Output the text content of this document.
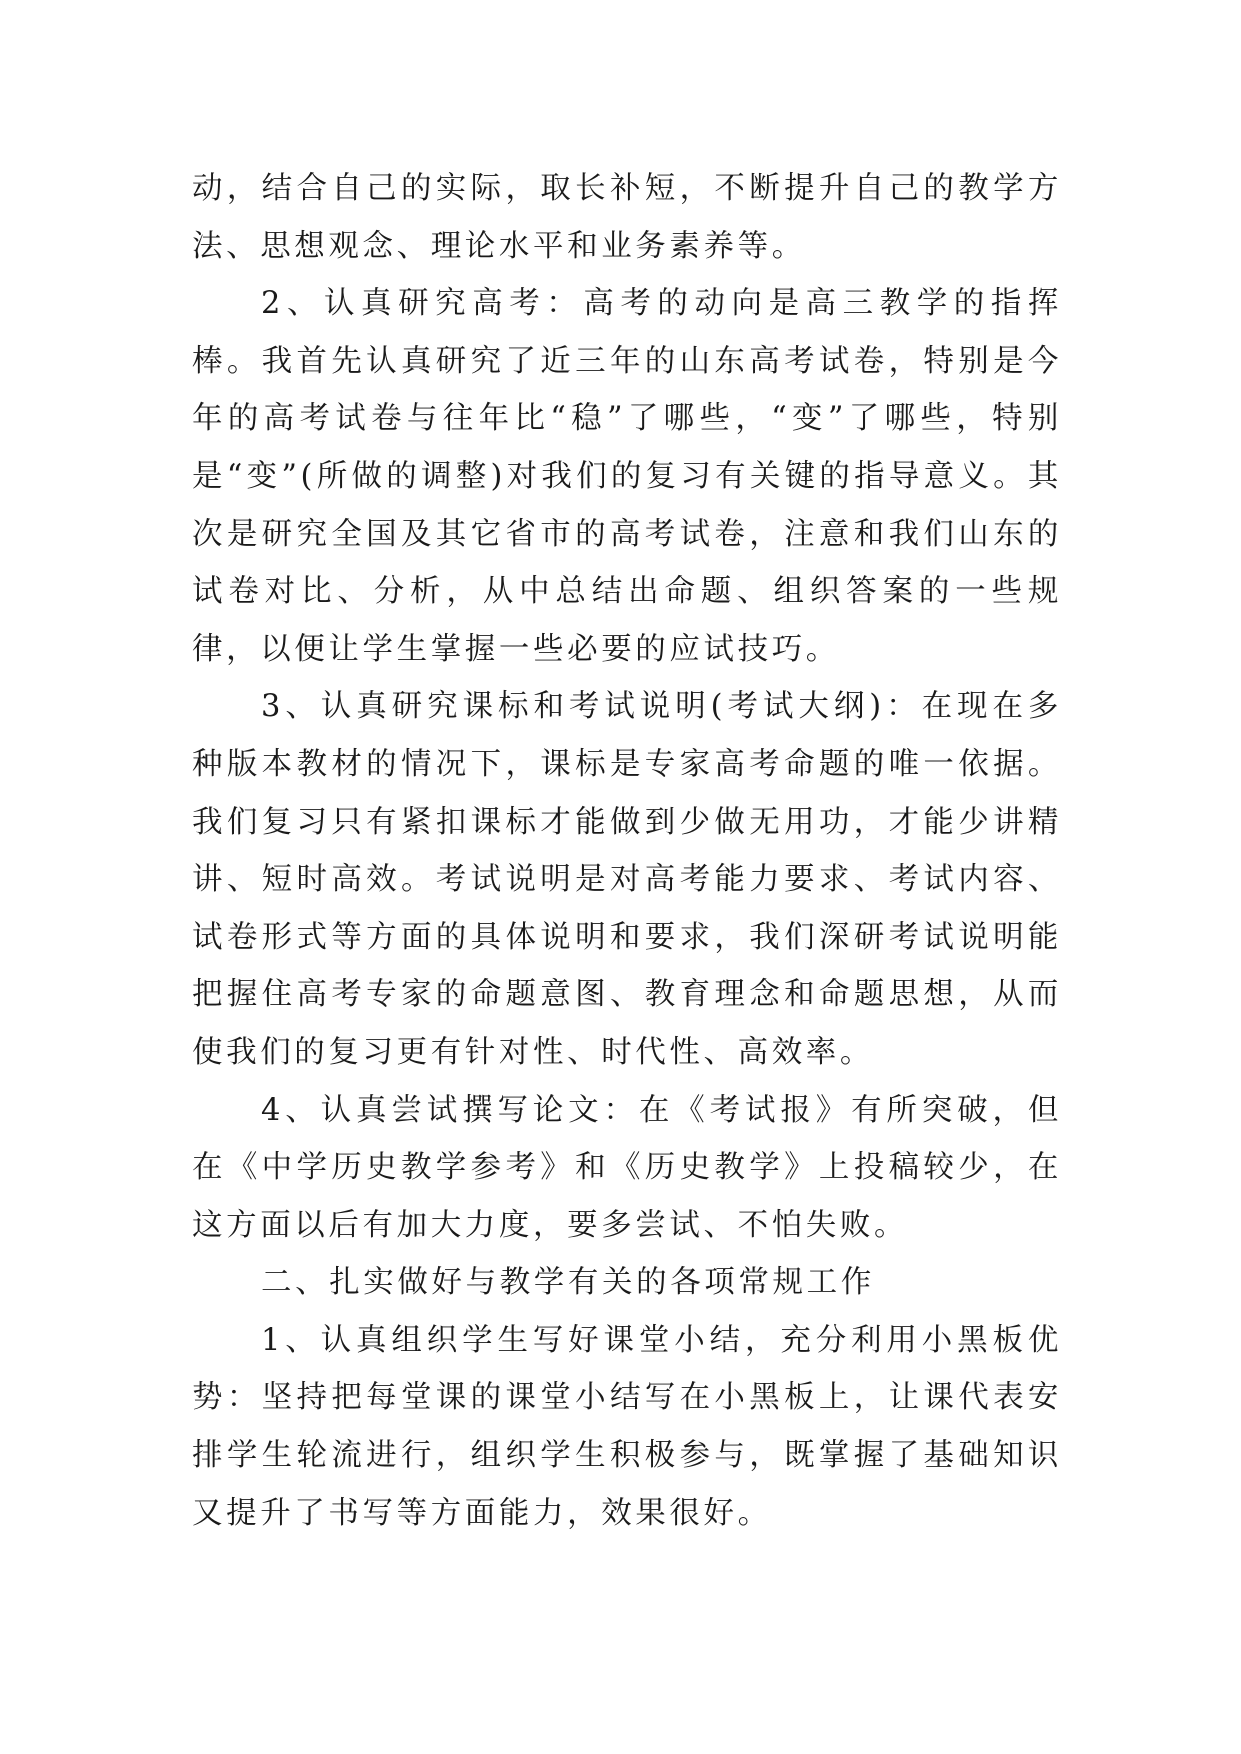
动，结合自己的实际，取长补短，不断提升自己的教学方法、思想观念、理论水平和业务素养等。

2、认真研究高考：高考的动向是高三教学的指挥棒。我首先认真研究了近三年的山东高考试卷，特别是今年的高考试卷与往年比“稳”了哪些，“变”了哪些，特别是“变”(所做的调整)对我们的复习有关键的指导意义。其次是研究全国及其它省市的高考试卷，注意和我们山东的试卷对比、分析，从中总结出命题、组织答案的一些规律，以便让学生掌握一些必要的应试技巧。

3、认真研究课标和考试说明(考试大纲)：在现在多种版本教材的情况下，课标是专家高考命题的唯一依据。我们复习只有紧扣课标才能做到少做无用功，才能少讲精讲、短时高效。考试说明是对高考能力要求、考试内容、试卷形式等方面的具体说明和要求，我们深研考试说明能把握住高考专家的命题意图、教育理念和命题思想，从而使我们的复习更有针对性、时代性、高效率。

4、认真尝试撰写论文：在《考试报》有所突破，但在《中学历史教学参考》和《历史教学》上投稿较少，在这方面以后有加大力度，要多尝试、不怕失败。

二、扎实做好与教学有关的各项常规工作

1、认真组织学生写好课堂小结，充分利用小黑板优势：坚持把每堂课的课堂小结写在小黑板上，让课代表安排学生轮流进行，组织学生积极参与，既掌握了基础知识又提升了书写等方面能力，效果很好。
